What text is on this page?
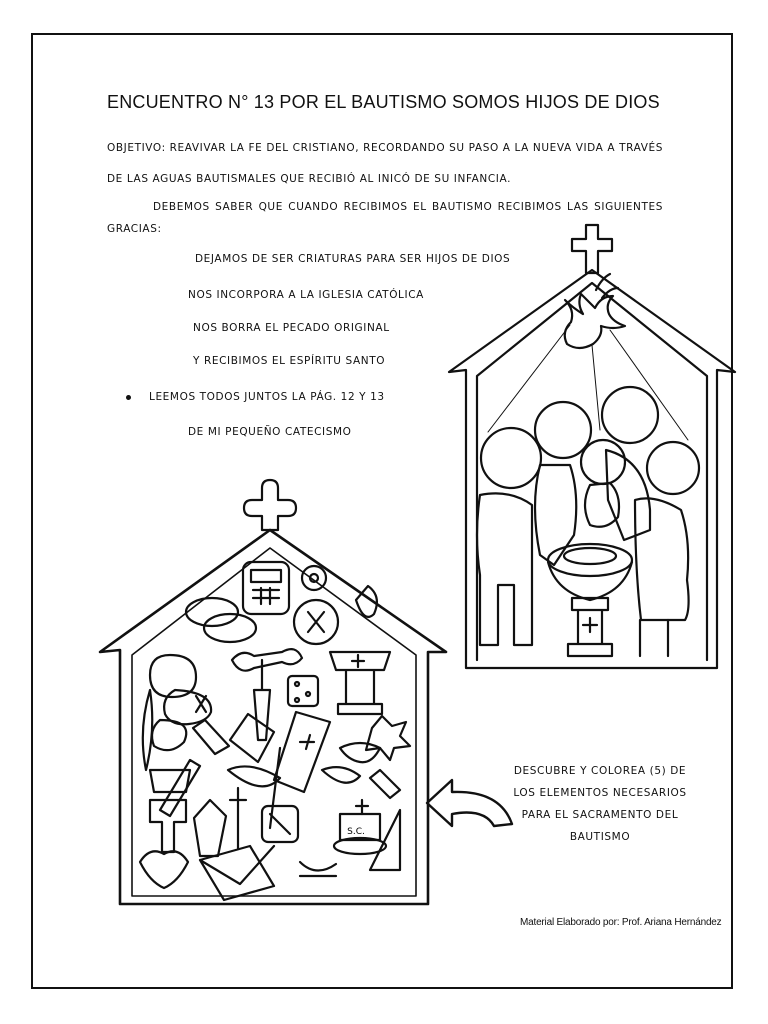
ENCUENTRO N° 13 POR EL BAUTISMO SOMOS HIJOS DE DIOS
OBJETIVO: REAVIVAR LA FE DEL CRISTIANO, RECORDANDO SU PASO A LA NUEVA VIDA A TRAVÉS DE LAS AGUAS BAUTISMALES QUE RECIBIÓ AL INICÓ DE SU INFANCIA.
DEBEMOS SABER QUE CUANDO RECIBIMOS EL BAUTISMO RECIBIMOS LAS SIGUIENTES GRACIAS:
DEJAMOS DE SER CRIATURAS PARA SER HIJOS DE DIOS
NOS INCORPORA A LA IGLESIA CATÓLICA
NOS BORRA EL PECADO ORIGINAL
Y RECIBIMOS EL ESPÍRITU SANTO
LEEMOS TODOS JUNTOS LA PÁG. 12 Y 13
DE MI PEQUEÑO CATECISMO
S.C.
DESCUBRE Y COLOREA (5) DE LOS ELEMENTOS NECESARIOS PARA EL SACRAMENTO DEL BAUTISMO
Material Elaborado por: Prof. Ariana Hernández
